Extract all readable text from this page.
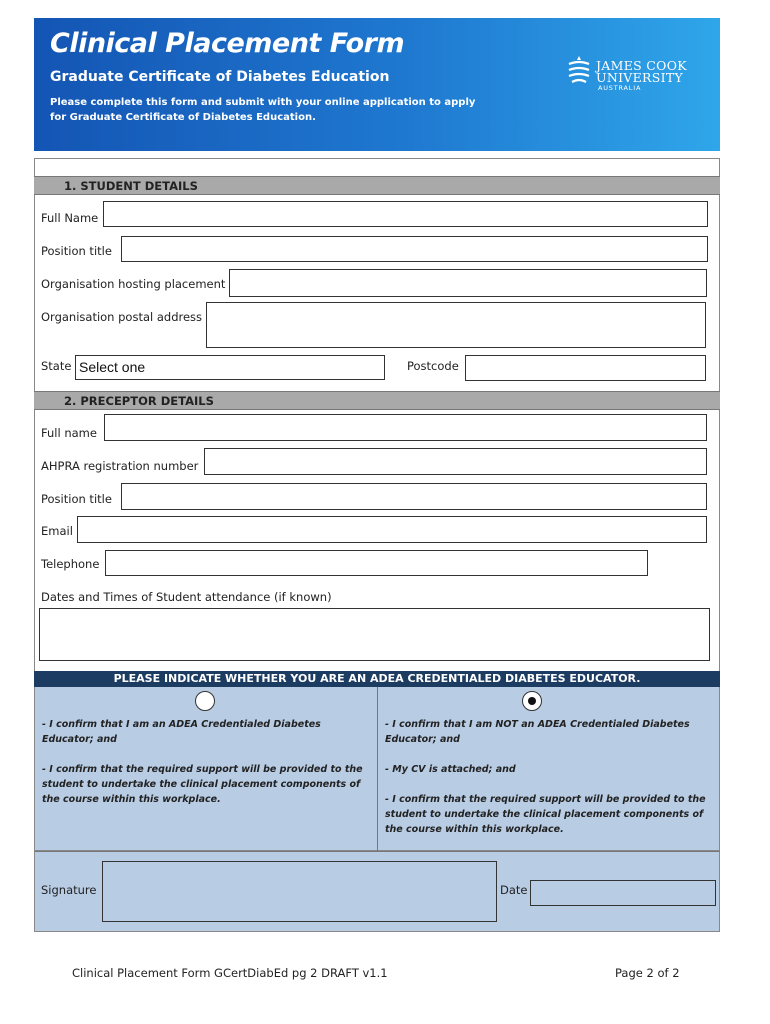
Clinical Placement Form
Graduate Certificate of Diabetes Education
Please complete this form and submit with your online application to apply
for Graduate Certificate of Diabetes Education.
JAMES COOK
UNIVERSITY
AUSTRALIA
1. STUDENT DETAILS
Full Name
Position title
Organisation hosting placement
Organisation postal address
State Select one	Postcode
2. PRECEPTOR DETAILS
Full name
AHPRA registration number
Position title
Email
Telephone
Dates and Times of Student attendance (if known)
PLEASE INDICATE WHETHER YOU ARE AN ADEA CREDENTIALED DIABETES EDUCATOR.
- I confirm that I am an ADEA Credentialed Diabetes
Educator; and
- I confirm that the required support will be provided to the
student to undertake the clinical placement components of
the course within this workplace.
- I confirm that I am NOT an ADEA Credentialed Diabetes
Educator; and
- My CV is attached; and
- I confirm that the required support will be provided to the
student to undertake the clinical placement components of
the course within this workplace.
Signature	Date
Clinical Placement Form GCertDiabEd pg 2 DRAFT v1.1	Page 2 of 2
